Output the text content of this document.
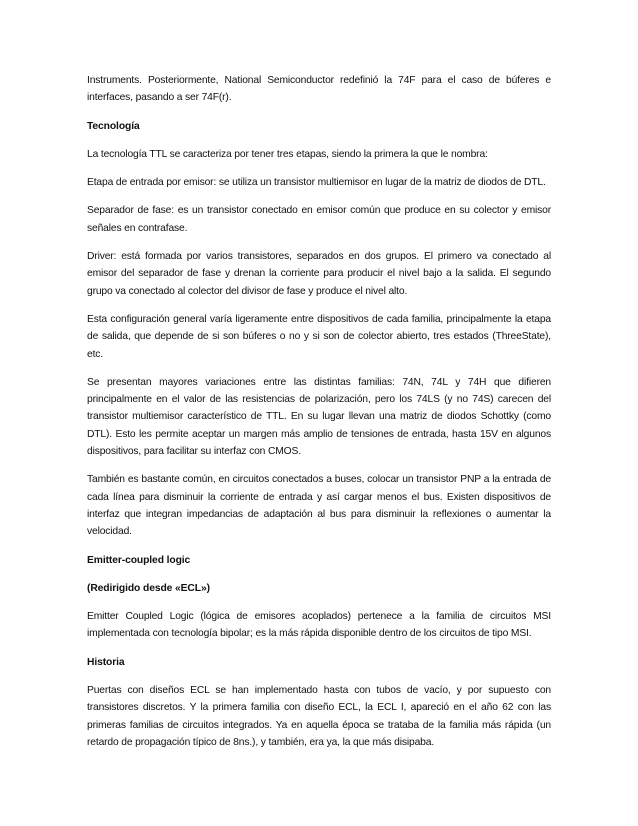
Instruments. Posteriormente, National Semiconductor redefinió la 74F para el caso de búferes e interfaces, pasando a ser 74F(r).

Tecnología

La tecnología TTL se caracteriza por tener tres etapas, siendo la primera la que le nombra:

Etapa de entrada por emisor: se utiliza un transistor multiemisor en lugar de la matriz de diodos de DTL.

Separador de fase: es un transistor conectado en emisor común que produce en su colector y emisor señales en contrafase.

Driver: está formada por varios transistores, separados en dos grupos. El primero va conectado al emisor del separador de fase y drenan la corriente para producir el nivel bajo a la salida. El segundo grupo va conectado al colector del divisor de fase y produce el nivel alto.

Esta configuración general varía ligeramente entre dispositivos de cada familia, principalmente la etapa de salida, que depende de si son búferes o no y si son de colector abierto, tres estados (ThreeState), etc.

Se presentan mayores variaciones entre las distintas familias: 74N, 74L y 74H que difieren principalmente en el valor de las resistencias de polarización, pero los 74LS (y no 74S) carecen del transistor multiemisor característico de TTL. En su lugar llevan una matriz de diodos Schottky (como DTL). Esto les permite aceptar un margen más amplio de tensiones de entrada, hasta 15V en algunos dispositivos, para facilitar su interfaz con CMOS.

También es bastante común, en circuitos conectados a buses, colocar un transistor PNP a la entrada de cada línea para disminuir la corriente de entrada y así cargar menos el bus. Existen dispositivos de interfaz que integran impedancias de adaptación al bus para disminuir la reflexiones o aumentar la velocidad.

Emitter-coupled logic

(Redirigido desde «ECL»)

Emitter Coupled Logic (lógica de emisores acoplados) pertenece a la familia de circuitos MSI implementada con tecnología bipolar; es la más rápida disponible dentro de los circuitos de tipo MSI.

Historia

Puertas con diseños ECL se han implementado hasta con tubos de vacío, y por supuesto con transistores discretos. Y la primera familia con diseño ECL, la ECL I, apareció en el año 62 con las primeras familias de circuitos integrados. Ya en aquella época se trataba de la familia más rápida (un retardo de propagación típico de 8ns.), y también, era ya, la que más disipaba.
